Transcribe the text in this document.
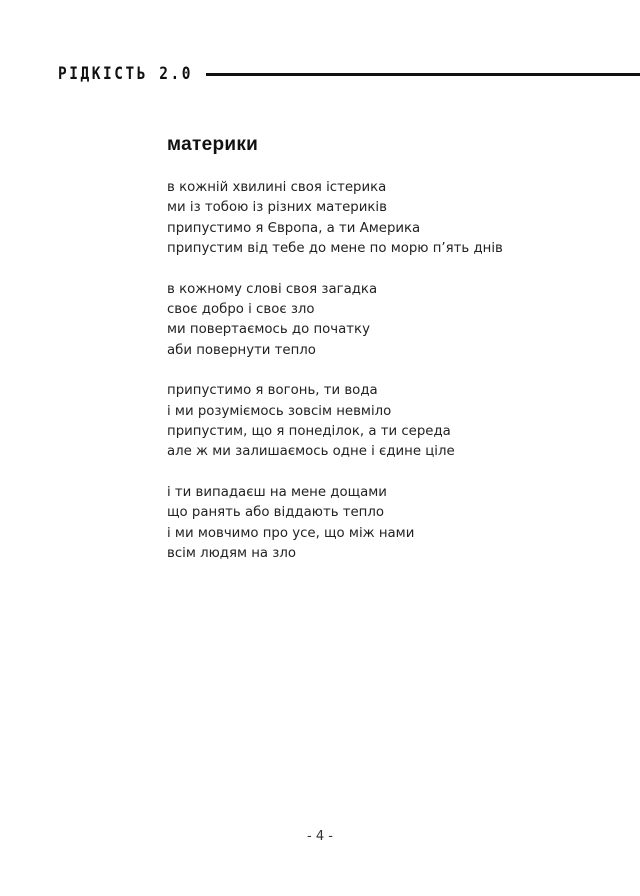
РІДКІСТЬ 2.0
материки
в кожній хвилині своя істерика
ми із тобою із різних материків
припустимо я Європа, а ти Америка
припустим від тебе до мене по морю п’ять днів
в кожному слові своя загадка
своє добро і своє зло
ми повертаємось до початку
аби повернути тепло
припустимо я вогонь, ти вода
і ми розуміємось зовсім невміло
припустим, що я понеділок, а ти середа
але ж ми залишаємось одне і єдине ціле
і ти випадаєш на мене дощами
що ранять або віддають тепло
і ми мовчимо про усе, що між нами
всім людям на зло
- 4 -
